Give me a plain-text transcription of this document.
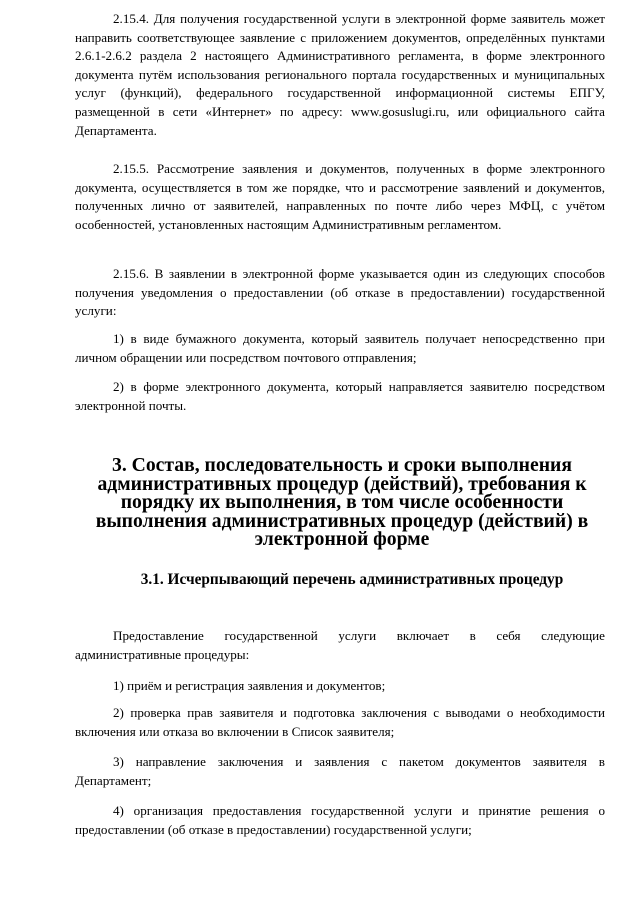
2.15.4. Для получения государственной услуги в электронной форме заявитель может направить соответствующее заявление с приложением документов, определённых пунктами 2.6.1-2.6.2 раздела 2 настоящего Административного регламента, в форме электронного документа путём использования регионального портала государственных и муниципальных услуг (функций), федерального государственной информационной системы ЕПГУ, размещенной в сети «Интернет» по адресу: www.gosuslugi.ru, или официального сайта Департамента.

2.15.5. Рассмотрение заявления и документов, полученных в форме электронного документа, осуществляется в том же порядке, что и рассмотрение заявлений и документов, полученных лично от заявителей, направленных по почте либо через МФЦ, с учётом особенностей, установленных настоящим Административным регламентом.

2.15.6. В заявлении в электронной форме указывается один из следующих способов получения уведомления о предоставлении (об отказе в предоставлении) государственной услуги:

1) в виде бумажного документа, который заявитель получает непосредственно при личном обращении или посредством почтового отправления;

2) в форме электронного документа, который направляется заявителю посредством электронной почты.

3. Состав, последовательность и сроки выполнения административных процедур (действий), требования к порядку их выполнения, в том числе особенности выполнения административных процедур (действий) в электронной форме
3.1. Исчерпывающий перечень административных процедур

Предоставление государственной услуги включает в себя следующие административные процедуры:

1) приём и регистрация заявления и документов;

2) проверка прав заявителя и подготовка заключения с выводами о необходимости включения или отказа во включении в Список заявителя;

3) направление заключения и заявления с пакетом документов заявителя в Департамент;

4) организация предоставления государственной услуги и принятие решения о предоставлении (об отказе в предоставлении) государственной услуги;
